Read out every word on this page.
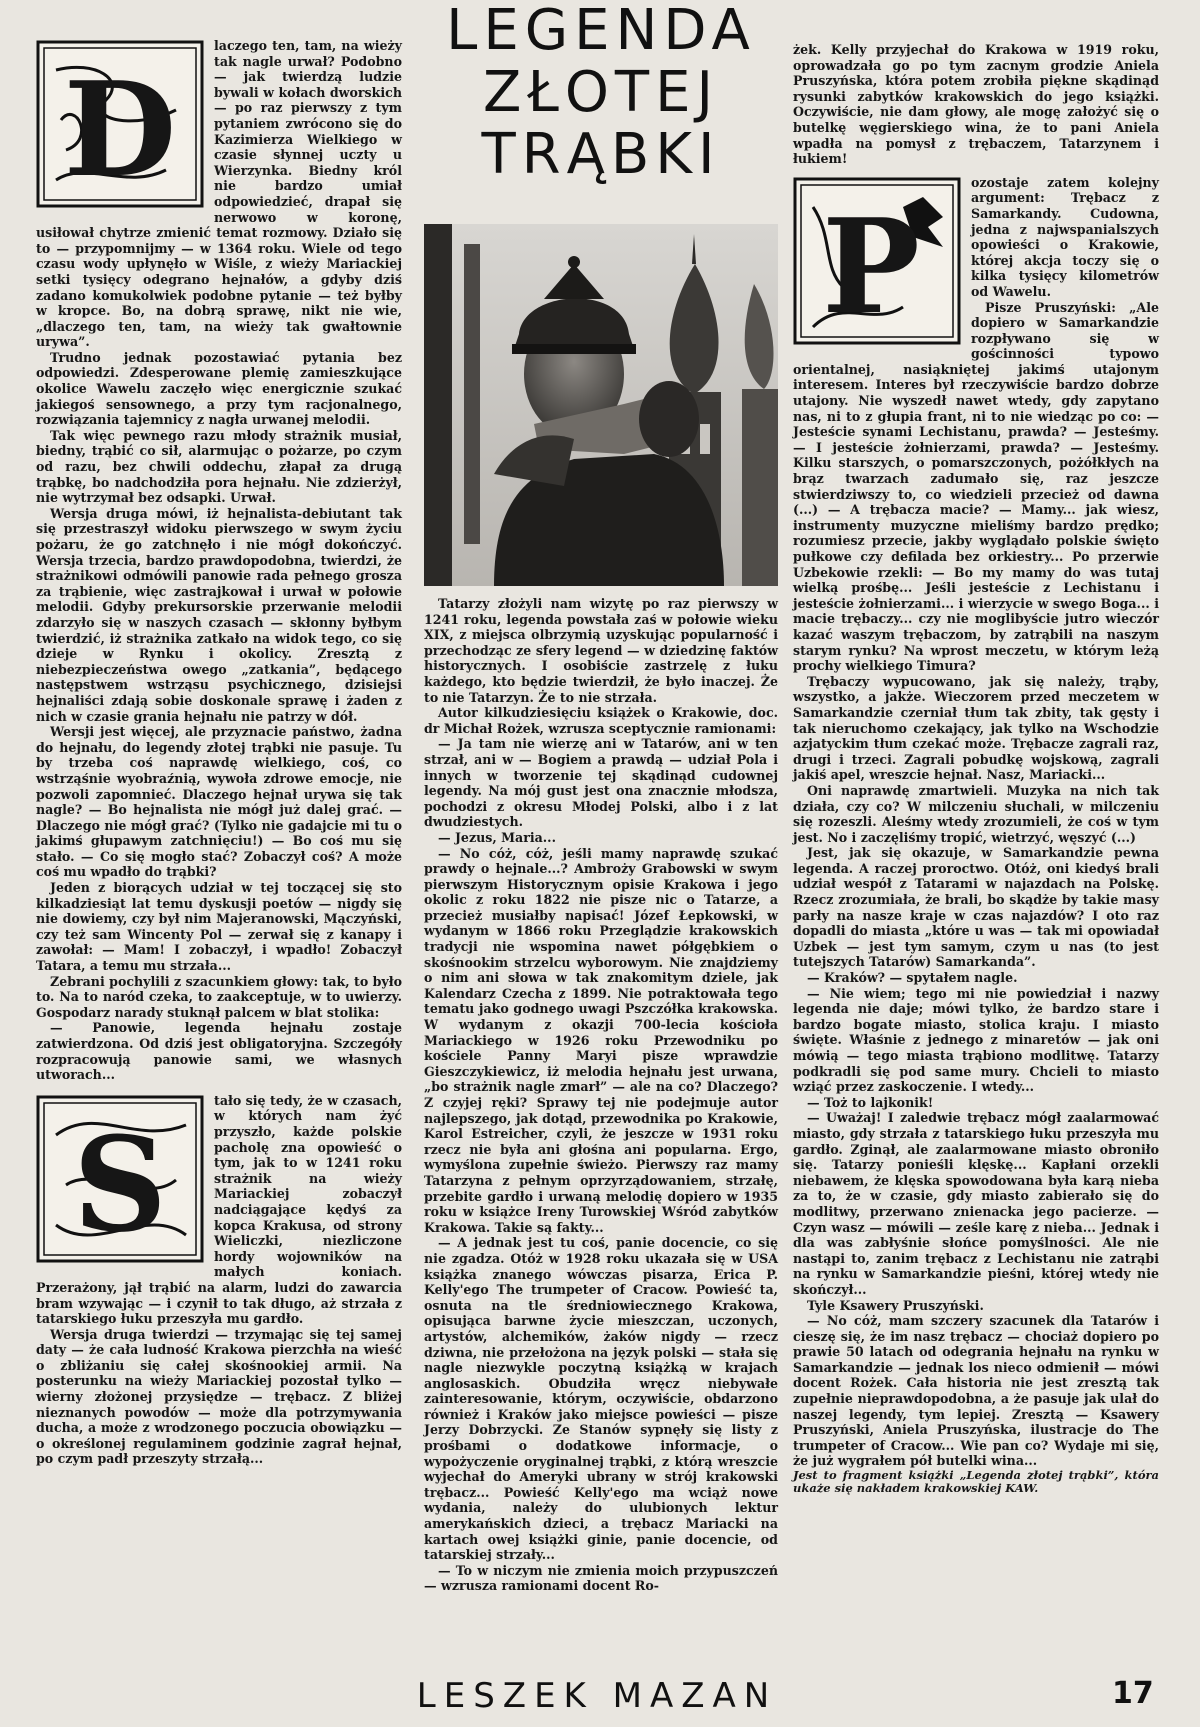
LEGENDA
ZŁOTEJ
TRĄBKI
D

laczego ten, tam, na wieży tak nagle urwał? Podobno — jak twierdzą ludzie bywali w kołach dworskich — po raz pierwszy z tym pytaniem zwrócono się do Kazimierza Wielkiego w czasie słynnej uczty u Wierzynka. Biedny król nie bardzo umiał odpowiedzieć, drapał się nerwowo w koronę, usiłował chytrze zmienić temat rozmowy. Działo się to — przypomnijmy — w 1364 roku. Wiele od tego czasu wody upłynęło w Wiśle, z wieży Mariackiej setki tysięcy odegrano hejnałów, a gdyby dziś zadano komukolwiek podobne pytanie — też byłby w kropce. Bo, na dobrą sprawę, nikt nie wie, „dlaczego ten, tam, na wieży tak gwałtownie urywa”.

Trudno jednak pozostawiać pytania bez odpowiedzi. Zdesperowane plemię zamieszkujące okolice Wawelu zaczęło więc energicznie szukać jakiegoś sensownego, a przy tym racjonalnego, rozwiązania tajemnicy z nagła urwanej melodii.

Tak więc pewnego razu młody strażnik musiał, biedny, trąbić co sił, alarmując o pożarze, po czym od razu, bez chwili oddechu, złapał za drugą trąbkę, bo nadchodziła pora hejnału. Nie zdzierżył, nie wytrzymał bez odsapki. Urwał.

Wersja druga mówi, iż hejnalista-debiutant tak się przestraszył widoku pierwszego w swym życiu pożaru, że go zatchnęło i nie mógł dokończyć. Wersja trzecia, bardzo prawdopodobna, twierdzi, że strażnikowi odmówili panowie rada pełnego grosza za trąbienie, więc zastrajkował i urwał w połowie melodii. Gdyby prekursorskie przerwanie melodii zdarzyło się w naszych czasach — skłonny byłbym twierdzić, iż strażnika zatkało na widok tego, co się dzieje w Rynku i okolicy. Zresztą z niebezpieczeństwa owego „zatkania”, będącego następstwem wstrząsu psychicznego, dzisiejsi hejnaliści zdają sobie doskonale sprawę i żaden z nich w czasie grania hejnału nie patrzy w dół.

Wersji jest więcej, ale przyznacie państwo, żadna do hejnału, do legendy złotej trąbki nie pasuje. Tu by trzeba coś naprawdę wielkiego, coś, co wstrząśnie wyobraźnią, wywoła zdrowe emocje, nie pozwoli zapomnieć. Dlaczego hejnał urywa się tak nagle? — Bo hejnalista nie mógł już dalej grać. — Dlaczego nie mógł grać? (Tylko nie gadajcie mi tu o jakimś głupawym zatchnięciu!) — Bo coś mu się stało. — Co się mogło stać? Zobaczył coś? A może coś mu wpadło do trąbki?

Jeden z biorących udział w tej toczącej się sto kilkadziesiąt lat temu dyskusji poetów — nigdy się nie dowiemy, czy był nim Majeranowski, Mączyński, czy też sam Wincenty Pol — zerwał się z kanapy i zawołał: — Mam! I zobaczył, i wpadło! Zobaczył Tatara, a temu mu strzała...

Zebrani pochylili z szacunkiem głowy: tak, to było to. Na to naród czeka, to zaakceptuje, w to uwierzy. Gospodarz narady stuknął palcem w blat stolika:

— Panowie, legenda hejnału zostaje zatwierdzona. Od dziś jest obligatoryjna. Szczegóły rozpracowują panowie sami, we własnych utworach...

S

tało się tedy, że w czasach, w których nam żyć przyszło, każde polskie pacholę zna opowieść o tym, jak to w 1241 roku strażnik na wieży Mariackiej zobaczył nadciągające kędyś za kopca Krakusa, od strony Wieliczki, niezliczone hordy wojowników na małych koniach. Przerażony, jął trąbić na alarm, ludzi do zawarcia bram wzywając — i czynił to tak długo, aż strzała z tatarskiego łuku przeszyła mu gardło.

Wersja druga twierdzi — trzymając się tej samej daty — że cała ludność Krakowa pierzchła na wieść o zbliżaniu się całej skośnookiej armii. Na posterunku na wieży Mariackiej pozostał tylko — wierny złożonej przysiędze — trębacz. Z bliżej nieznanych powodów — może dla potrzymywania ducha, a może z wrodzonego poczucia obowiązku — o określonej regulaminem godzinie zagrał hejnał, po czym padł przeszyty strzałą...

Tatarzy złożyli nam wizytę po raz pierwszy w 1241 roku, legenda powstała zaś w połowie wieku XIX, z miejsca olbrzymią uzyskując popularność i przechodząc ze sfery legend — w dziedzinę faktów historycznych. I osobiście zastrzelę z łuku każdego, kto będzie twierdził, że było inaczej. Że to nie Tatarzyn. Że to nie strzała.

Autor kilkudziesięciu książek o Krakowie, doc. dr Michał Rożek, wzrusza sceptycznie ramionami:

— Ja tam nie wierzę ani w Tatarów, ani w ten strzał, ani w — Bogiem a prawdą — udział Pola i innych w tworzenie tej skądinąd cudownej legendy. Na mój gust jest ona znacznie młodsza, pochodzi z okresu Młodej Polski, albo i z lat dwudziestych.

— Jezus, Maria...

— No cóż, cóż, jeśli mamy naprawdę szukać prawdy o hejnale...? Ambroży Grabowski w swym pierwszym Historycznym opisie Krakowa i jego okolic z roku 1822 nie pisze nic o Tatarze, a przecież musiałby napisać! Józef Łepkowski, w wydanym w 1866 roku Przeglądzie krakowskich tradycji nie wspomina nawet półgębkiem o skośnookim strzelcu wyborowym. Nie znajdziemy o nim ani słowa w tak znakomitym dziele, jak Kalendarz Czecha z 1899. Nie potraktowała tego tematu jako godnego uwagi Pszczółka krakowska. W wydanym z okazji 700-lecia kościoła Mariackiego w 1926 roku Przewodniku po kościele Panny Maryi pisze wprawdzie Gieszczykiewicz, iż melodia hejnału jest urwana, „bo strażnik nagle zmarł” — ale na co? Dlaczego? Z czyjej ręki? Sprawy tej nie podejmuje autor najlepszego, jak dotąd, przewodnika po Krakowie, Karol Estreicher, czyli, że jeszcze w 1931 roku rzecz nie była ani głośna ani popularna. Ergo, wymyślona zupełnie świeżo. Pierwszy raz mamy Tatarzyna z pełnym oprzyrządowaniem, strzałę, przebite gardło i urwaną melodię dopiero w 1935 roku w książce Ireny Turowskiej Wśród zabytków Krakowa. Takie są fakty...

— A jednak jest tu coś, panie docencie, co się nie zgadza. Otóż w 1928 roku ukazała się w USA książka znanego wówczas pisarza, Erica P. Kelly'ego The trumpeter of Cracow. Powieść ta, osnuta na tle średniowiecznego Krakowa, opisująca barwne życie mieszczan, uczonych, artystów, alchemików, żaków nigdy — rzecz dziwna, nie przełożona na język polski — stała się nagle niezwykle poczytną książką w krajach anglosaskich. Obudziła wręcz niebywałe zainteresowanie, którym, oczywiście, obdarzono również i Kraków jako miejsce powieści — pisze Jerzy Dobrzycki. Ze Stanów sypnęły się listy z prośbami o dodatkowe informacje, o wypożyczenie oryginalnej trąbki, z którą wreszcie wyjechał do Ameryki ubrany w strój krakowski trębacz... Powieść Kelly'ego ma wciąż nowe wydania, należy do ulubionych lektur amerykańskich dzieci, a trębacz Mariacki na kartach owej książki ginie, panie docencie, od tatarskiej strzały...

— To w niczym nie zmienia moich przypuszczeń — wzrusza ramionami docent Ro-

żek. Kelly przyjechał do Krakowa w 1919 roku, oprowadzała go po tym zacnym grodzie Aniela Pruszyńska, która potem zrobiła piękne skądinąd rysunki zabytków krakowskich do jego książki. Oczywiście, nie dam głowy, ale mogę założyć się o butelkę węgierskiego wina, że to pani Aniela wpadła na pomysł z trębaczem, Tatarzynem i łukiem!

P

ozostaje zatem kolejny argument: Trębacz z Samarkandy. Cudowna, jedna z najwspanialszych opowieści o Krakowie, której akcja toczy się o kilka tysięcy kilometrów od Wawelu.

Pisze Pruszyński: „Ale dopiero w Samarkandzie rozpływano się w gościnności typowo orientalnej, nasiąkniętej jakimś utajonym interesem. Interes był rzeczywiście bardzo dobrze utajony. Nie wyszedł nawet wtedy, gdy zapytano nas, ni to z głupia frant, ni to nie wiedząc po co: — Jesteście synami Lechistanu, prawda? — Jesteśmy. — I jesteście żołnierzami, prawda? — Jesteśmy. Kilku starszych, o pomarszczonych, pożółkłych na brąz twarzach zadumało się, raz jeszcze stwierdziwszy to, co wiedzieli przecież od dawna (...) — A trębacza macie? — Mamy... jak wiesz, instrumenty muzyczne mieliśmy bardzo prędko; rozumiesz przecie, jakby wyglądało polskie święto pułkowe czy defilada bez orkiestry... Po przerwie Uzbekowie rzekli: — Bo my mamy do was tutaj wielką prośbę... Jeśli jesteście z Lechistanu i jesteście żołnierzami... i wierzycie w swego Boga... i macie trębaczy... czy nie moglibyście jutro wieczór kazać waszym trębaczom, by zatrąbili na naszym starym rynku? Na wprost meczetu, w którym leżą prochy wielkiego Timura?

Trębaczy wypucowano, jak się należy, trąby, wszystko, a jakże. Wieczorem przed meczetem w Samarkandzie czerniał tłum tak zbity, tak gęsty i tak nieruchomo czekający, jak tylko na Wschodzie azjatyckim tłum czekać może. Trębacze zagrali raz, drugi i trzeci. Zagrali pobudkę wojskową, zagrali jakiś apel, wreszcie hejnał. Nasz, Mariacki...

Oni naprawdę zmartwieli. Muzyka na nich tak działa, czy co? W milczeniu słuchali, w milczeniu się rozeszli. Aleśmy wtedy zrozumieli, że coś w tym jest. No i zaczęliśmy tropić, wietrzyć, węszyć (...)

Jest, jak się okazuje, w Samarkandzie pewna legenda. A raczej proroctwo. Otóż, oni kiedyś brali udział wespół z Tatarami w najazdach na Polskę. Rzecz zrozumiała, że brali, bo skądże by takie masy parły na nasze kraje w czas najazdów? I oto raz dopadli do miasta „które u was — tak mi opowiadał Uzbek — jest tym samym, czym u nas (to jest tutejszych Tatarów) Samarkanda”.

— Kraków? — spytałem nagle.

— Nie wiem; tego mi nie powiedział i nazwy legenda nie daje; mówi tylko, że bardzo stare i bardzo bogate miasto, stolica kraju. I miasto święte. Właśnie z jednego z minaretów — jak oni mówią — tego miasta trąbiono modlitwę. Tatarzy podkradli się pod same mury. Chcieli to miasto wziąć przez zaskoczenie. I wtedy...

— Toż to lajkonik!

— Uważaj! I zaledwie trębacz mógł zaalarmować miasto, gdy strzała z tatarskiego łuku przeszyła mu gardło. Zginął, ale zaalarmowane miasto obroniło się. Tatarzy ponieśli klęskę... Kapłani orzekli niebawem, że klęska spowodowana była karą nieba za to, że w czasie, gdy miasto zabierało się do modlitwy, przerwano znienacka jego pacierze. — Czyn wasz — mówili — ześle karę z nieba... Jednak i dla was zabłyśnie słońce pomyślności. Ale nie nastąpi to, zanim trębacz z Lechistanu nie zatrąbi na rynku w Samarkandzie pieśni, której wtedy nie skończył...

Tyle Ksawery Pruszyński.

— No cóż, mam szczery szacunek dla Tatarów i cieszę się, że im nasz trębacz — chociaż dopiero po prawie 50 latach od odegrania hejnału na rynku w Samarkandzie — jednak los nieco odmienił — mówi docent Rożek. Cała historia nie jest zresztą tak zupełnie nieprawdopodobna, a że pasuje jak ulał do naszej legendy, tym lepiej. Zresztą — Ksawery Pruszyński, Aniela Pruszyńska, ilustracje do The trumpeter of Cracow... Wie pan co? Wydaje mi się, że już wygrałem pół butelki wina...

Jest to fragment książki „Legenda złotej trąbki”, która ukaże się nakładem krakowskiej KAW.

LESZEK MAZAN	17
